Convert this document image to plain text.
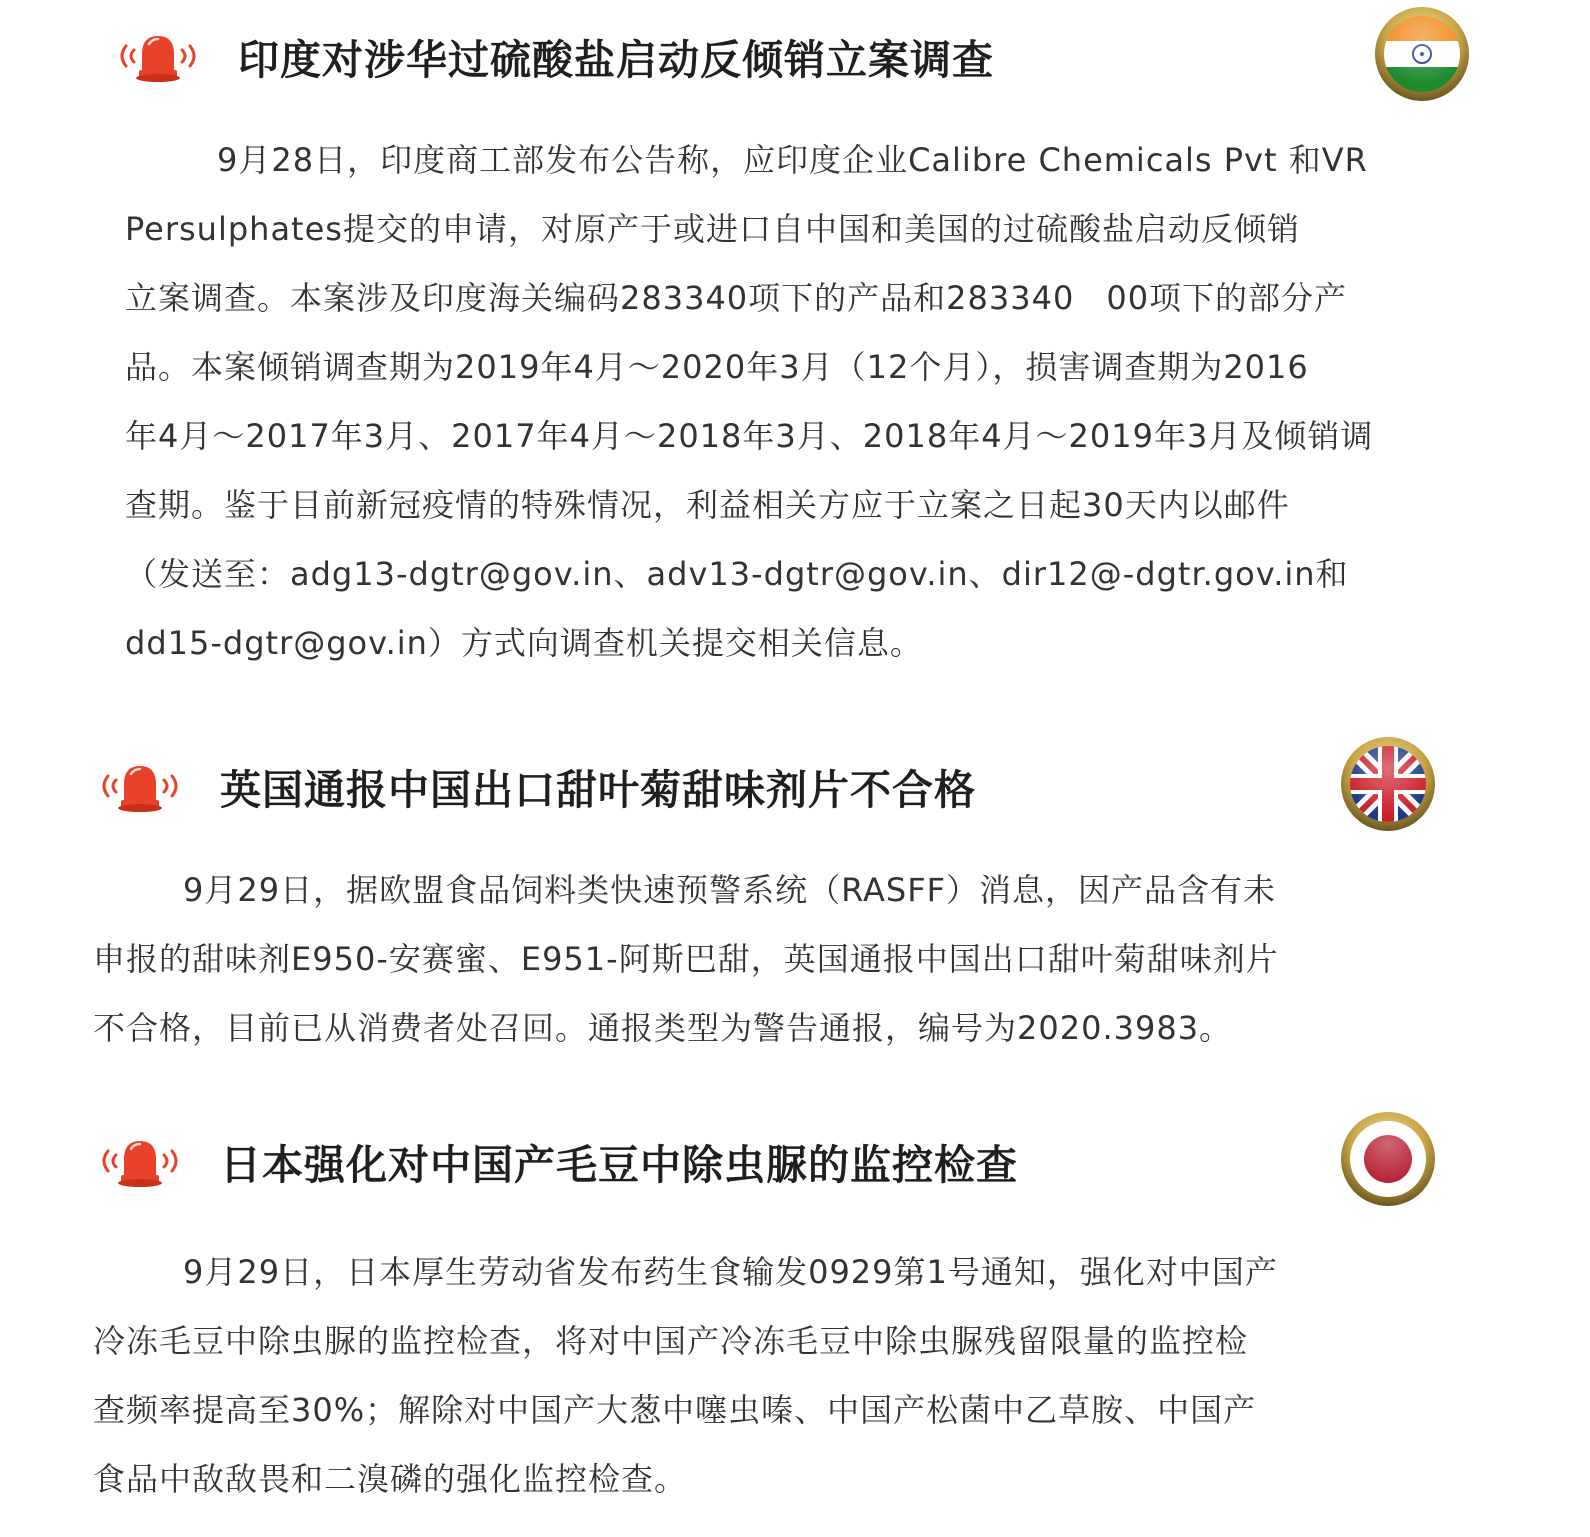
印度对涉华过硫酸盐启动反倾销立案调查
9月28日，印度商工部发布公告称，应印度企业Calibre Chemicals Pvt 和VR
Persulphates提交的申请，对原产于或进口自中国和美国的过硫酸盐启动反倾销
立案调查。本案涉及印度海关编码283340项下的产品和283340 00项下的部分产
品。本案倾销调查期为2019年4月～2020年3月（12个月），损害调查期为2016
年4月～2017年3月、2017年4月～2018年3月、2018年4月～2019年3月及倾销调
查期。鉴于目前新冠疫情的特殊情况，利益相关方应于立案之日起30天内以邮件
（发送至：adg13-dgtr@gov.in、adv13-dgtr@gov.in、dir12@-dgtr.gov.in和
dd15-dgtr@gov.in）方式向调查机关提交相关信息。
英国通报中国出口甜叶菊甜味剂片不合格
9月29日，据欧盟食品饲料类快速预警系统（RASFF）消息，因产品含有未
申报的甜味剂E950-安赛蜜、E951-阿斯巴甜，英国通报中国出口甜叶菊甜味剂片
不合格，目前已从消费者处召回。通报类型为警告通报，编号为2020.3983。
日本强化对中国产毛豆中除虫脲的监控检查
9月29日，日本厚生劳动省发布药生食输发0929第1号通知，强化对中国产
冷冻毛豆中除虫脲的监控检查，将对中国产冷冻毛豆中除虫脲残留限量的监控检
查频率提高至30%；解除对中国产大葱中噻虫嗪、中国产松菌中乙草胺、中国产
食品中敌敌畏和二溴磷的强化监控检查。
